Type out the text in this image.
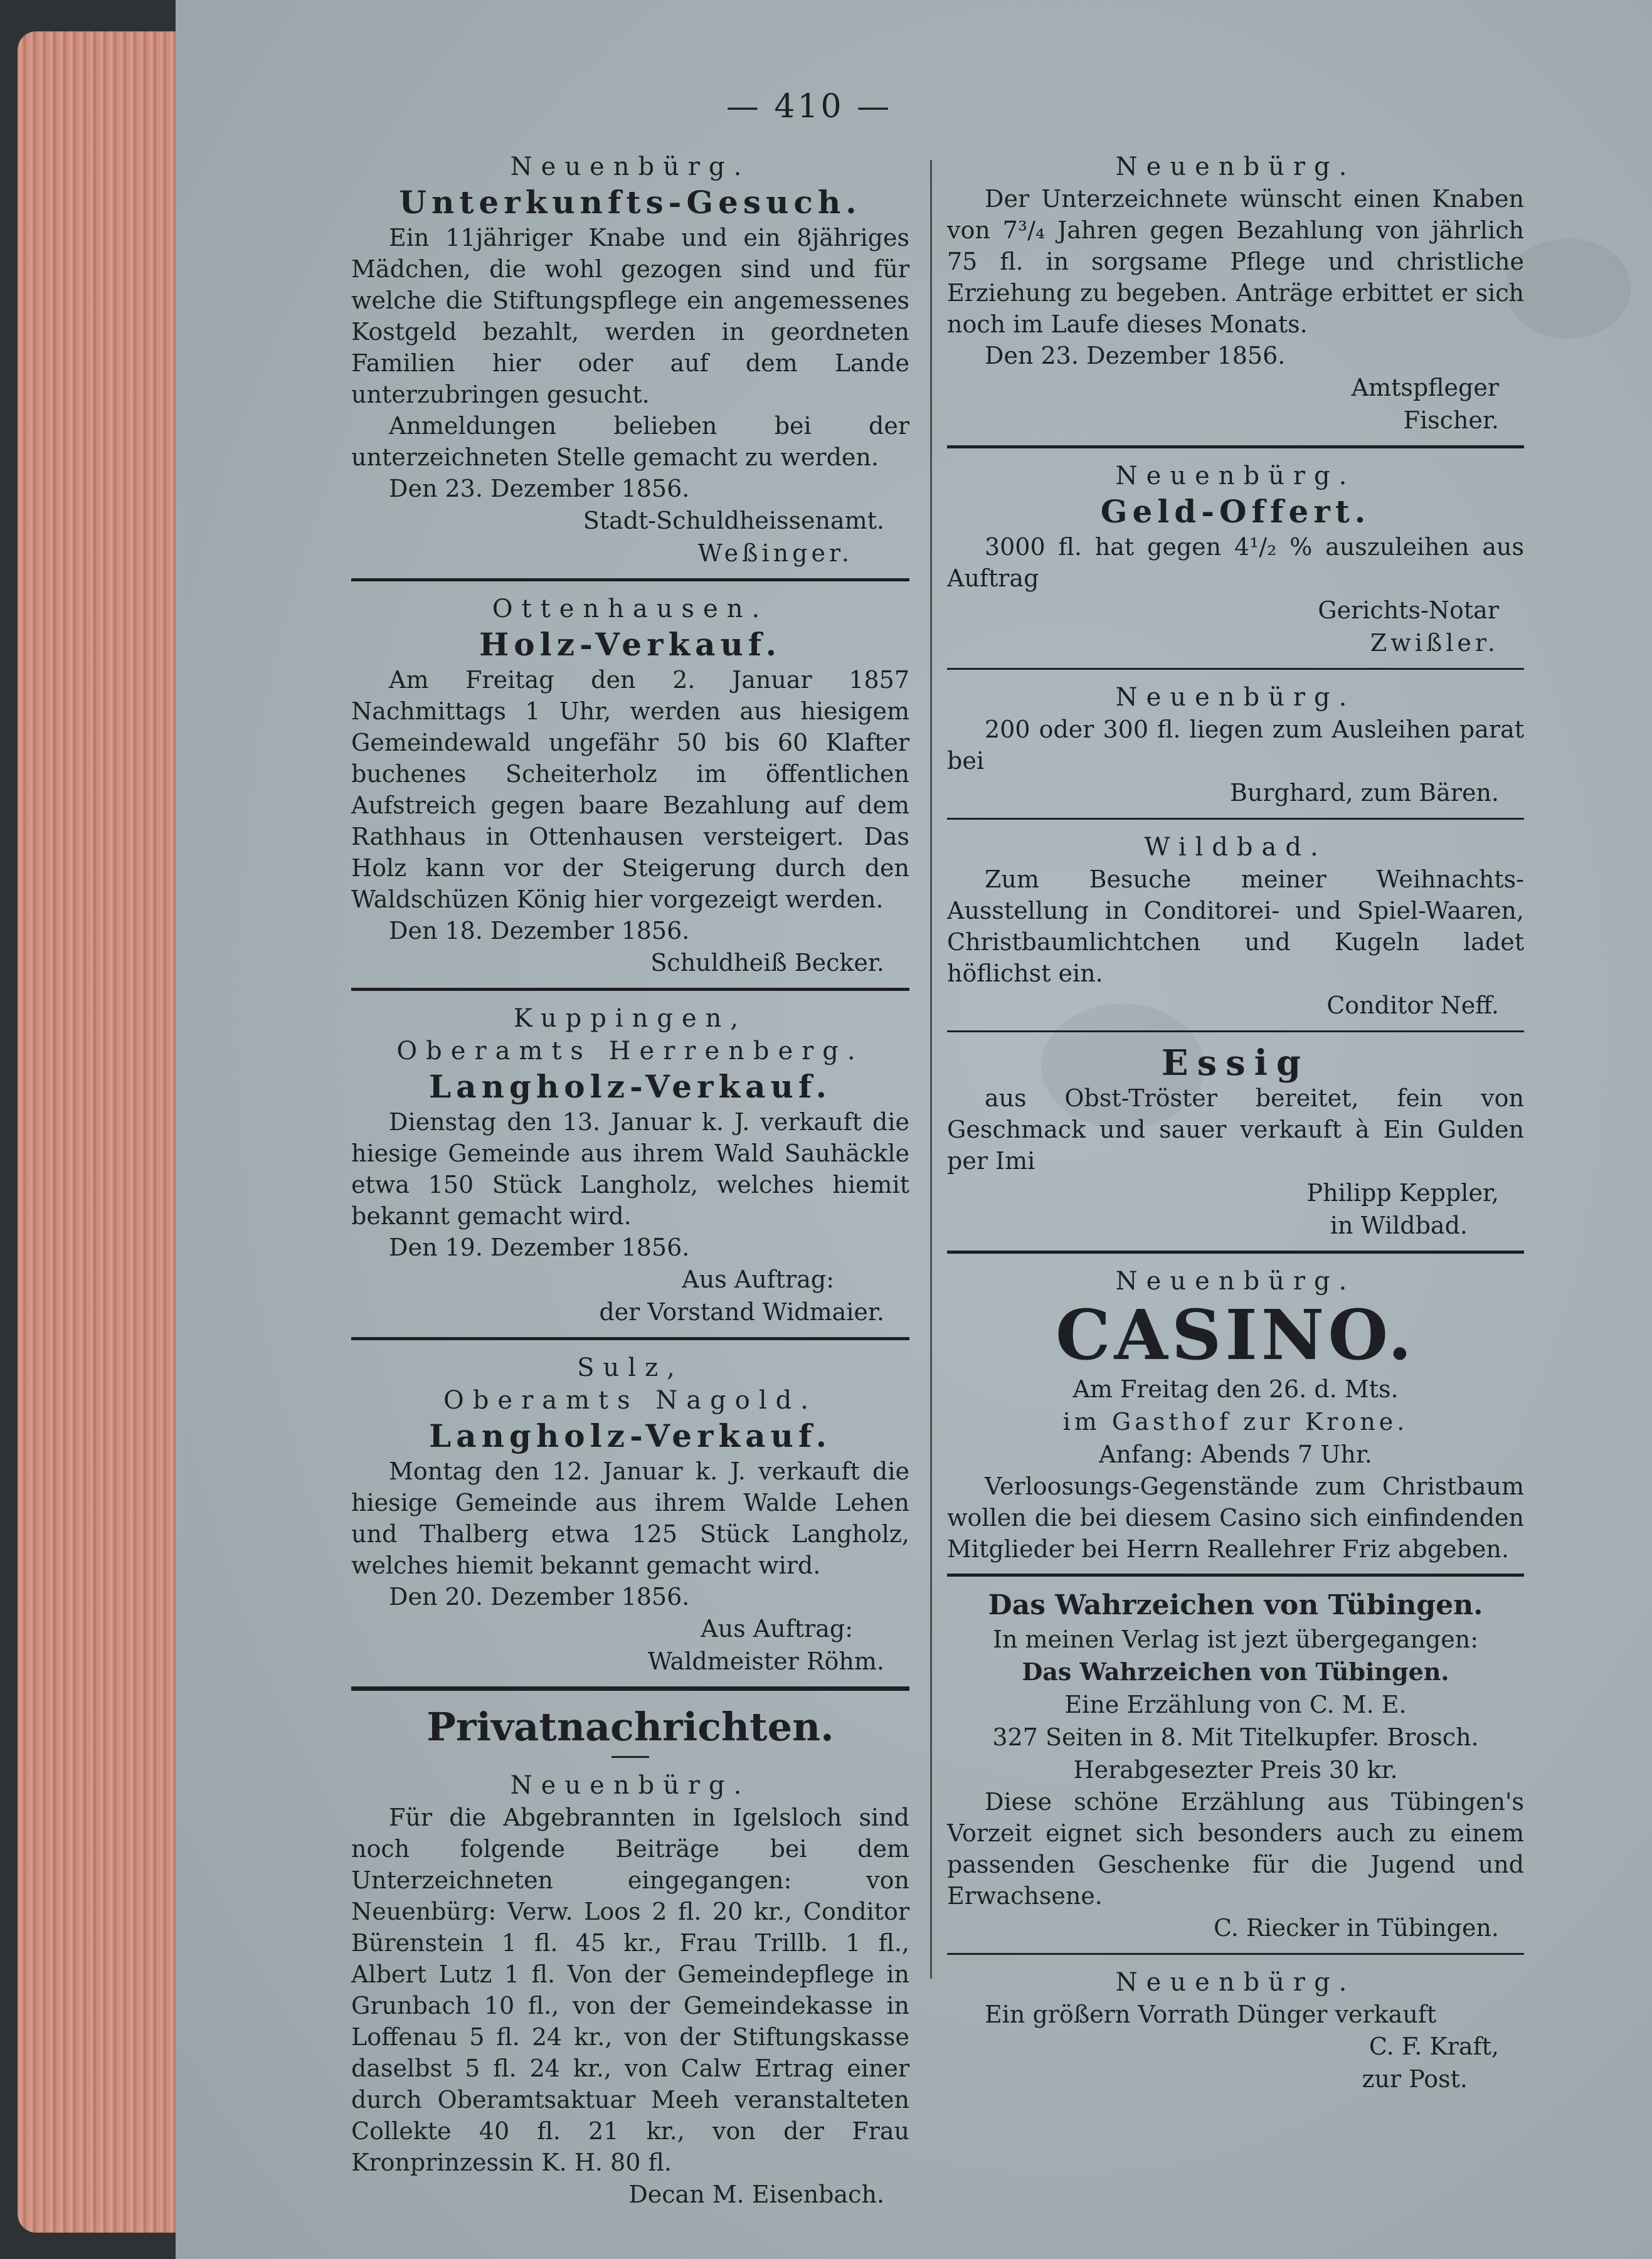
— 410 —
Neuenbürg.
Unterkunfts-Gesuch.

Ein 11jähriger Knabe und ein 8jähriges Mädchen, die wohl gezogen sind und für welche die Stiftungspflege ein angemessenes Kostgeld bezahlt, werden in geordneten Familien hier oder auf dem Lande unterzubringen gesucht.

Anmeldungen belieben bei der unterzeichneten Stelle gemacht zu werden.

Den 23. Dezember 1856.

Stadt-Schuldheissenamt.

Weßinger.

Ottenhausen.
Holz-Verkauf.

Am Freitag den 2. Januar 1857 Nachmittags 1 Uhr, werden aus hiesigem Gemeindewald ungefähr 50 bis 60 Klafter buchenes Scheiterholz im öffentlichen Aufstreich gegen baare Bezahlung auf dem Rathhaus in Ottenhausen versteigert. Das Holz kann vor der Steigerung durch den Waldschüzen König hier vorgezeigt werden.

Den 18. Dezember 1856.

Schuldheiß Becker.

Kuppingen,
Oberamts Herrenberg.
Langholz-Verkauf.

Dienstag den 13. Januar k. J. verkauft die hiesige Gemeinde aus ihrem Wald Sauhäckle etwa 150 Stück Langholz, welches hiemit bekannt gemacht wird.

Den 19. Dezember 1856.

Aus Auftrag:

der Vorstand Widmaier.

Sulz,
Oberamts Nagold.
Langholz-Verkauf.

Montag den 12. Januar k. J. verkauft die hiesige Gemeinde aus ihrem Walde Lehen und Thalberg etwa 125 Stück Langholz, welches hiemit bekannt gemacht wird.

Den 20. Dezember 1856.

Aus Auftrag:

Waldmeister Röhm.

Privatnachrichten.
Neuenbürg.

Für die Abgebrannten in Igelsloch sind noch folgende Beiträge bei dem Unterzeichneten eingegangen: von Neuenbürg: Verw. Loos 2 fl. 20 kr., Conditor Bürenstein 1 fl. 45 kr., Frau Trillb. 1 fl., Albert Lutz 1 fl. Von der Gemeindepflege in Grunbach 10 fl., von der Gemeindekasse in Loffenau 5 fl. 24 kr., von der Stiftungskasse daselbst 5 fl. 24 kr., von Calw Ertrag einer durch Oberamtsaktuar Meeh veranstalteten Collekte 40 fl. 21 kr., von der Frau Kronprinzessin K. H. 80 fl.

Decan M. Eisenbach.

Neuenbürg.

Der Unterzeichnete wünscht einen Knaben von 7³/₄ Jahren gegen Bezahlung von jährlich 75 fl. in sorgsame Pflege und christliche Erziehung zu begeben. Anträge erbittet er sich noch im Laufe dieses Monats.

Den 23. Dezember 1856.

Amtspfleger

Fischer.

Neuenbürg.
Geld-Offert.

3000 fl. hat gegen 4¹/₂ % auszuleihen aus Auftrag

Gerichts-Notar

Zwißler.

Neuenbürg.

200 oder 300 fl. liegen zum Ausleihen parat bei

Burghard, zum Bären.

Wildbad.

Zum Besuche meiner Weihnachts-Ausstellung in Conditorei- und Spiel-Waaren, Christbaumlichtchen und Kugeln ladet höflichst ein.

Conditor Neff.

Essig

aus Obst-Tröster bereitet, fein von Geschmack und sauer verkauft à Ein Gulden per Imi

Philipp Keppler,

in Wildbad.

Neuenbürg.
CASINO.

Am Freitag den 26. d. Mts.

im Gasthof zur Krone.

Anfang: Abends 7 Uhr.

Verloosungs-Gegenstände zum Christbaum wollen die bei diesem Casino sich einfindenden Mitglieder bei Herrn Reallehrer Friz abgeben.

Das Wahrzeichen von Tübingen.

In meinen Verlag ist jezt übergegangen:

Das Wahrzeichen von Tübingen.

Eine Erzählung von C. M. E.

327 Seiten in 8. Mit Titelkupfer. Brosch.

Herabgesezter Preis 30 kr.

Diese schöne Erzählung aus Tübingen's Vorzeit eignet sich besonders auch zu einem passenden Geschenke für die Jugend und Erwachsene.

C. Riecker in Tübingen.

Neuenbürg.

Ein größern Vorrath Dünger verkauft

C. F. Kraft,

zur Post.
